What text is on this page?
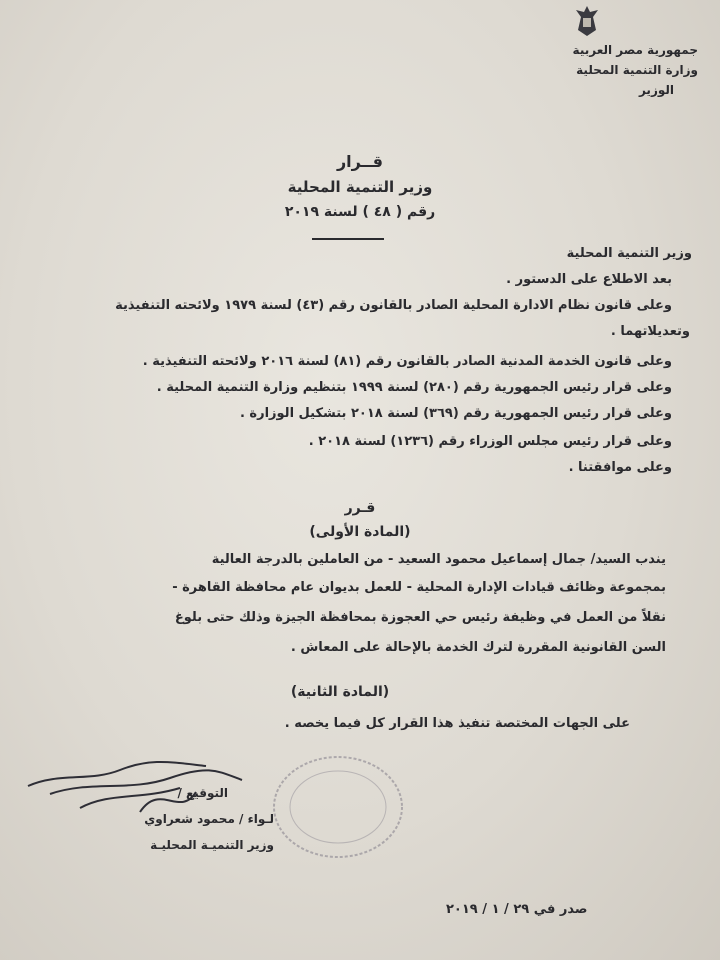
جمهورية مصر العربية
وزارة التنمية المحلية
الوزير
قــرار
وزير التنمية المحلية
رقم ( ٤٨ ) لسنة ٢٠١٩
وزير التنمية المحلية
بعد الاطلاع على الدستور .
وعلى قانون نظام الادارة المحلية الصادر بالقانون رقم (٤٣) لسنة ١٩٧٩ ولائحته التنفيذية
وتعديلاتهما .
وعلى قانون الخدمة المدنية الصادر بالقانون رقم (٨١) لسنة ٢٠١٦ ولائحته التنفيذية .
وعلى قرار رئيس الجمهورية رقم (٢٨٠) لسنة ١٩٩٩ بتنظيم وزارة التنمية المحلية .
وعلى قرار رئيس الجمهورية رقم (٣٦٩) لسنة ٢٠١٨ بتشكيل الوزارة .
وعلى قرار رئيس مجلس الوزراء رقم (١٢٣٦) لسنة ٢٠١٨ .
وعلى موافقتنا .
قـرر
(المادة الأولى)
يندب السيد/ جمال إسماعيل محمود السعيد - من العاملين بالدرجة العالية
بمجموعة وظائف قيادات الإدارة المحلية - للعمل بديوان عام محافظة القاهرة -
نقلاً من العمل في وظيفة رئيس حي العجوزة بمحافظة الجيزة وذلك حتى بلوغ
السن القانونية المقررة لترك الخدمة بالإحالة على المعاش .
(المادة الثانية)
على الجهات المختصة تنفيذ هذا القرار كل فيما يخصه .
التوقيع /
لـواء / محمود شعراوي
وزير التنميـة المحليـة
صدر في ٢٩ / ١ / ٢٠١٩
